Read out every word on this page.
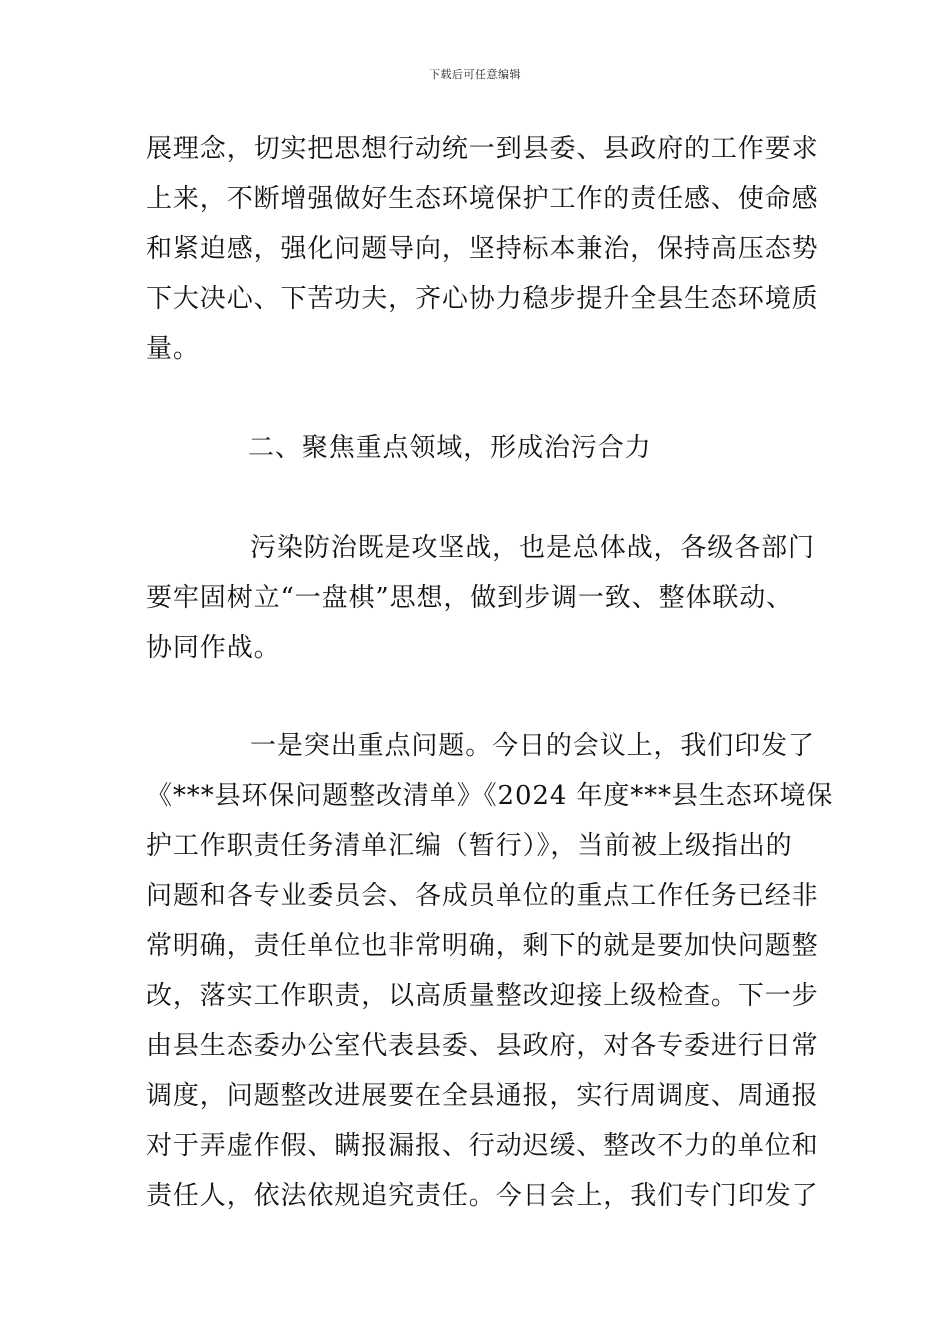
下载后可任意编辑
展理念，切实把思想行动统一到县委、县政府的工作要求
上来，不断增强做好生态环境保护工作的责任感、使命感
和紧迫感，强化问题导向，坚持标本兼治，保持高压态势
下大决心、下苦功夫，齐心协力稳步提升全县生态环境质
量。
二、聚焦重点领域，形成治污合力
污染防治既是攻坚战，也是总体战，各级各部门
要牢固树立“一盘棋”思想，做到步调一致、整体联动、
协同作战。
一是突出重点问题。今日的会议上，我们印发了
《***县环保问题整改清单》《2024 年度***县生态环境保
护工作职责任务清单汇编（暂行）》，当前被上级指出的
问题和各专业委员会、各成员单位的重点工作任务已经非
常明确，责任单位也非常明确，剩下的就是要加快问题整
改，落实工作职责，以高质量整改迎接上级检查。下一步
由县生态委办公室代表县委、县政府，对各专委进行日常
调度，问题整改进展要在全县通报，实行周调度、周通报
对于弄虚作假、瞒报漏报、行动迟缓、整改不力的单位和
责任人，依法依规追究责任。今日会上，我们专门印发了
